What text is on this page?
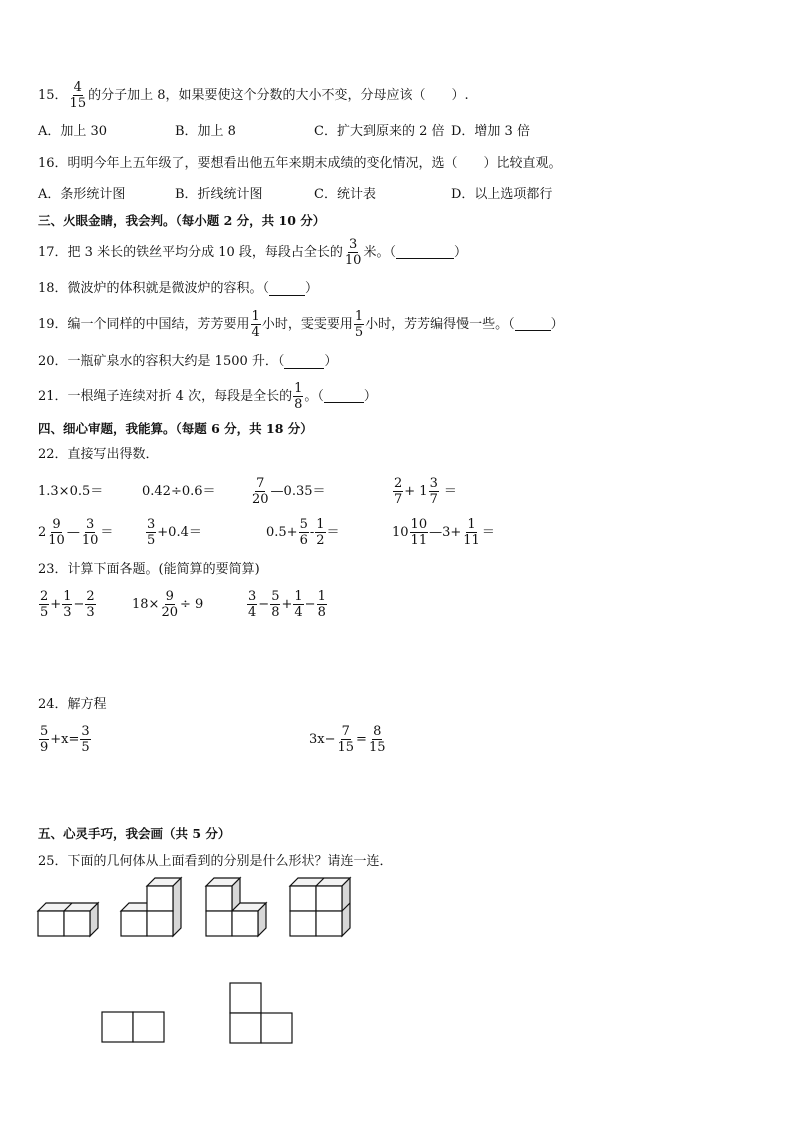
15． $\frac{4}{15}$ 的分子加上 8，如果要使这个分数的大小不变，分母应该（　　）.
A．加上 30	B．加上 8	C．扩大到原来的 2 倍 D．增加 3 倍
16．明明今年上五年级了，要想看出他五年来期末成绩的变化情况，选（　　）比较直观。
A．条形统计图	B．折线统计图	C．统计表	D．以上选项都行
三、火眼金睛，我会判。（每小题 2 分，共 10 分）
17．把 3 米长的铁丝平均分成 10 段，每段占全长的 $\frac{3}{10}$ 米。（	）
18．微波炉的体积就是微波炉的容积。（	）
19．编一个同样的中国结，芳芳要用 $\frac{1}{4}$ 小时，雯雯要用 $\frac{1}{5}$ 小时，芳芳编得慢一些。（	）
20．一瓶矿泉水的容积大约是 1500 升．（	）
21．一根绳子连续对折 4 次，每段是全长的 $\frac{1}{8}$ 。（	）
四、细心审题，我能算。（每题 6 分，共 18 分）
22．直接写出得数．
1.3×0.5＝	0.42÷0.6＝	$\frac{7}{20}$ —0.35＝	$\frac{2}{7} + 1 \frac{3}{7}$ ＝
$2 \frac{9}{10}$ — $\frac{3}{10}$ ＝	$\frac{3}{5} +0.4=$	$0.5+ \frac{5}{6} - \frac{1}{2}$ ＝	$10 \frac{10}{11}$ —3+ $\frac{1}{11}$ ＝
23．计算下面各题。(能简算的要简算)
$\frac{2}{5} + \frac{1}{3} - \frac{2}{3}$	$18\times \frac{9}{20} \div 9$	$\frac{3}{4} - \frac{5}{8} + \frac{1}{4} - \frac{1}{8}$
24．解方程
$\frac{5}{9} +x= \frac{3}{5}$	$3x- \frac{7}{15} = \frac{8}{15}$
五、心灵手巧，我会画（共 5 分）
25．下面的几何体从上面看到的分别是什么形状？请连一连．
